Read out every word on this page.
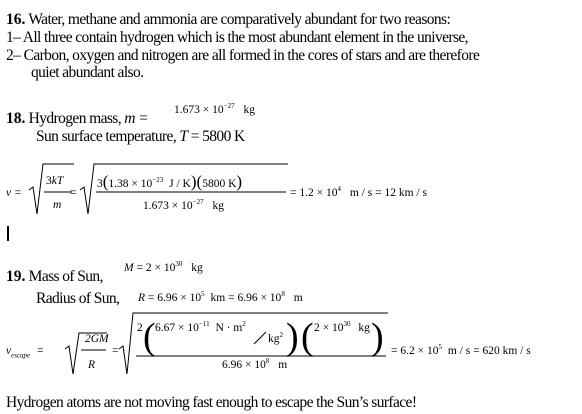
16. Water, methane and ammonia are comparatively abundant for two reasons:
1– All three contain hydrogen which is the most abundant element in the universe,
2– Carbon, oxygen and nitrogen are all formed in the cores of stars and are therefore
quiet abundant also.
18. Hydrogen mass, $m = 1.673 \times 10^{-27}$ kg
Sun surface temperature, T = 5800 K
v =
3kT
m
=
$3(1.38 \times 10^{-23}$ J / K)(5800 K)
$1.673 \times 10^{-27}$ kg
= $1.2 \times 10^4$ m / s = 12 km / s
19. Mass of Sun, $M = 2 \times 10^{30}$ kg
Radius of Sun, $R = 6.96 \times 10^5$ km = $6.96 \times 10^8$ m
$v_{escape}$ =
2GM
R
=
2 $6.67 \times 10^{-11}$ $N \cdot m^2$
$kg^2$
$2 \times 10^{30}$ kg
$6.96 \times 10^8$ m
= $6.2 \times 10^5$ m / s = 620 km / s
Hydrogen atoms are not moving fast enough to escape the Sun’s surface!
(	) ( )
